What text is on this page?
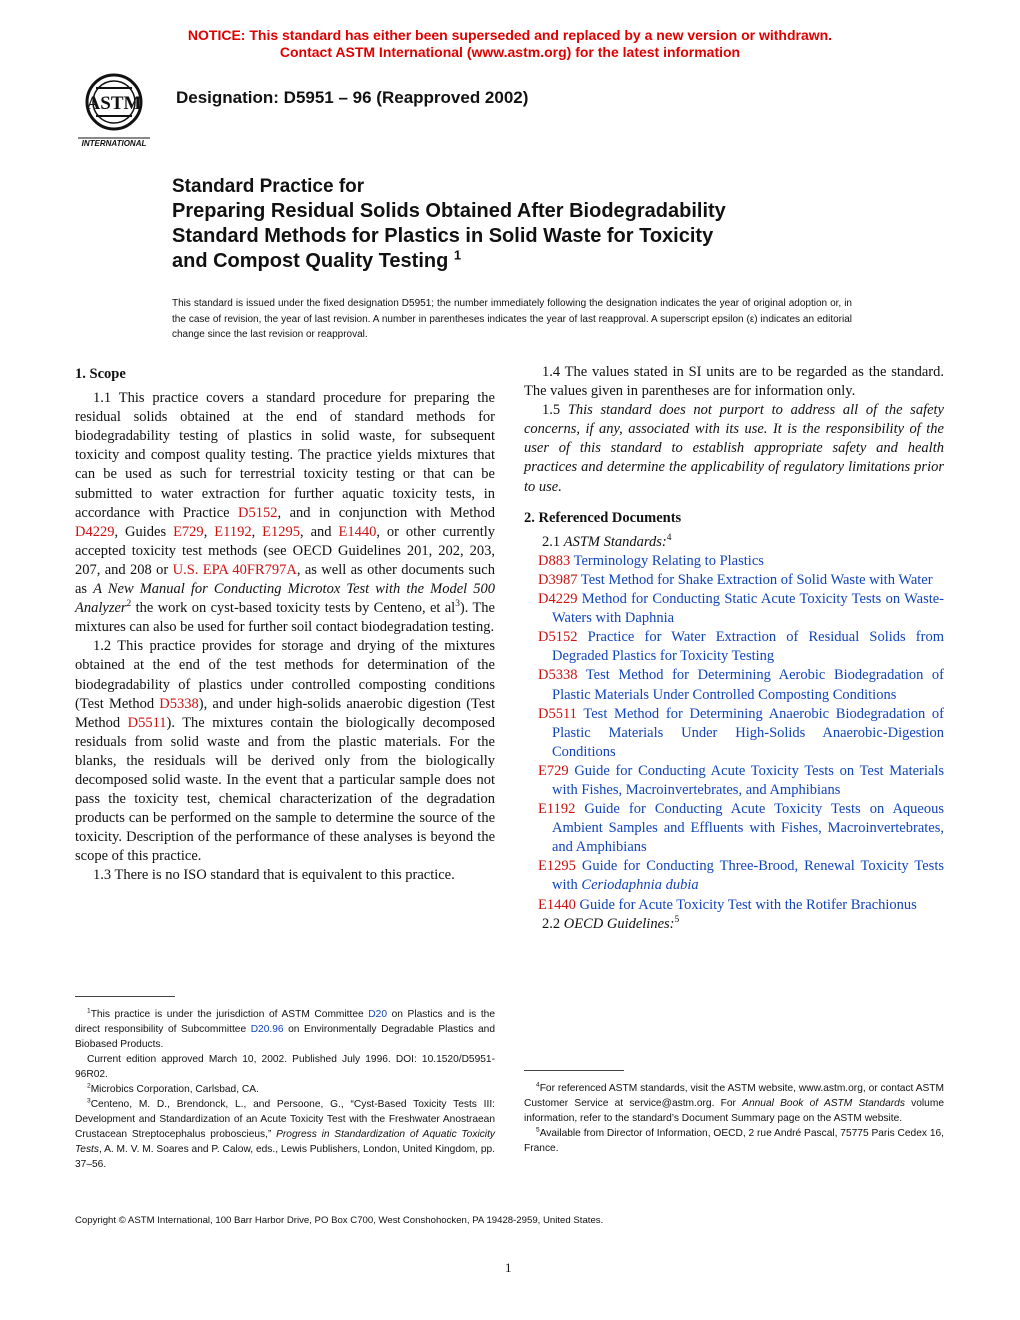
NOTICE: This standard has either been superseded and replaced by a new version or withdrawn.
Contact ASTM International (www.astm.org) for the latest information
ASTM
INTERNATIONAL
Designation: D5951 – 96 (Reapproved 2002)
Standard Practice for
Preparing Residual Solids Obtained After Biodegradability
Standard Methods for Plastics in Solid Waste for Toxicity
and Compost Quality Testing $^1$
This standard is issued under the fixed designation D5951; the number immediately following the designation indicates the year of original adoption or, in the case of revision, the year of last revision. A number in parentheses indicates the year of last reapproval. A superscript epsilon (ε) indicates an editorial change since the last revision or reapproval.
1. Scope

1.1 This practice covers a standard procedure for preparing the residual solids obtained at the end of standard methods for biodegradability testing of plastics in solid waste, for subsequent toxicity and compost quality testing. The practice yields mixtures that can be used as such for terrestrial toxicity testing or that can be submitted to water extraction for further aquatic toxicity tests, in accordance with Practice D5152, and in conjunction with Method D4229, Guides E729, E1192, E1295, and E1440, or other currently accepted toxicity test methods (see OECD Guidelines 201, 202, 203, 207, and 208 or U.S. EPA 40FR797A, as well as other documents such as A New Manual for Conducting Microtox Test with the Model 500 Analyzer$^2$ the work on cyst-based toxicity tests by Centeno, et $al^3$). The mixtures can also be used for further soil contact biodegradation testing.

1.2 This practice provides for storage and drying of the mixtures obtained at the end of the test methods for determination of the biodegradability of plastics under controlled composting conditions (Test Method D5338), and under high-solids anaerobic digestion (Test Method D5511). The mixtures contain the biologically decomposed residuals from solid waste and from the plastic materials. For the blanks, the residuals will be derived only from the biologically decomposed solid waste. In the event that a particular sample does not pass the toxicity test, chemical characterization of the degradation products can be performed on the sample to determine the source of the toxicity. Description of the performance of these analyses is beyond the scope of this practice.

1.3 There is no ISO standard that is equivalent to this practice.

1.4 The values stated in SI units are to be regarded as the standard. The values given in parentheses are for information only.

1.5 This standard does not purport to address all of the safety concerns, if any, associated with its use. It is the responsibility of the user of this standard to establish appropriate safety and health practices and determine the applicability of regulatory limitations prior to use.

2. Referenced Documents

2.1 ASTM Standards:$^4$

D883 Terminology Relating to Plastics

D3987 Test Method for Shake Extraction of Solid Waste with Water

D4229 Method for Conducting Static Acute Toxicity Tests on Waste-Waters with Daphnia

D5152 Practice for Water Extraction of Residual Solids from Degraded Plastics for Toxicity Testing

D5338 Test Method for Determining Aerobic Biodegradation of Plastic Materials Under Controlled Composting Conditions

D5511 Test Method for Determining Anaerobic Biodegradation of Plastic Materials Under High-Solids Anaerobic-Digestion Conditions

E729 Guide for Conducting Acute Toxicity Tests on Test Materials with Fishes, Macroinvertebrates, and Amphibians

E1192 Guide for Conducting Acute Toxicity Tests on Aqueous Ambient Samples and Effluents with Fishes, Macroinvertebrates, and Amphibians

E1295 Guide for Conducting Three-Brood, Renewal Toxicity Tests with Ceriodaphnia dubia

E1440 Guide for Acute Toxicity Test with the Rotifer Brachionus

2.2 OECD Guidelines:$^5$

$^1$This practice is under the jurisdiction of ASTM Committee D20 on Plastics and is the direct responsibility of Subcommittee D20.96 on Environmentally Degradable Plastics and Biobased Products.

Current edition approved March 10, 2002. Published July 1996. DOI: 10.1520/D5951-96R02.

$^2$Microbics Corporation, Carlsbad, CA.

$^3$Centeno, M. D., Brendonck, L., and Persoone, G., “Cyst-Based Toxicity Tests III: Development and Standardization of an Acute Toxicity Test with the Freshwater Anostraean Crustacean Streptocephalus proboscieus,” Progress in Standardization of Aquatic Toxicity Tests, A. M. V. M. Soares and P. Calow, eds., Lewis Publishers, London, United Kingdom, pp. 37–56.

$^4$For referenced ASTM standards, visit the ASTM website, www.astm.org, or contact ASTM Customer Service at service@astm.org. For Annual Book of ASTM Standards volume information, refer to the standard’s Document Summary page on the ASTM website.

$^5$Available from Director of Information, OECD, 2 rue André Pascal, 75775 Paris Cedex 16, France.

Copyright © ASTM International, 100 Barr Harbor Drive, PO Box C700, West Conshohocken, PA 19428-2959, United States.
1
